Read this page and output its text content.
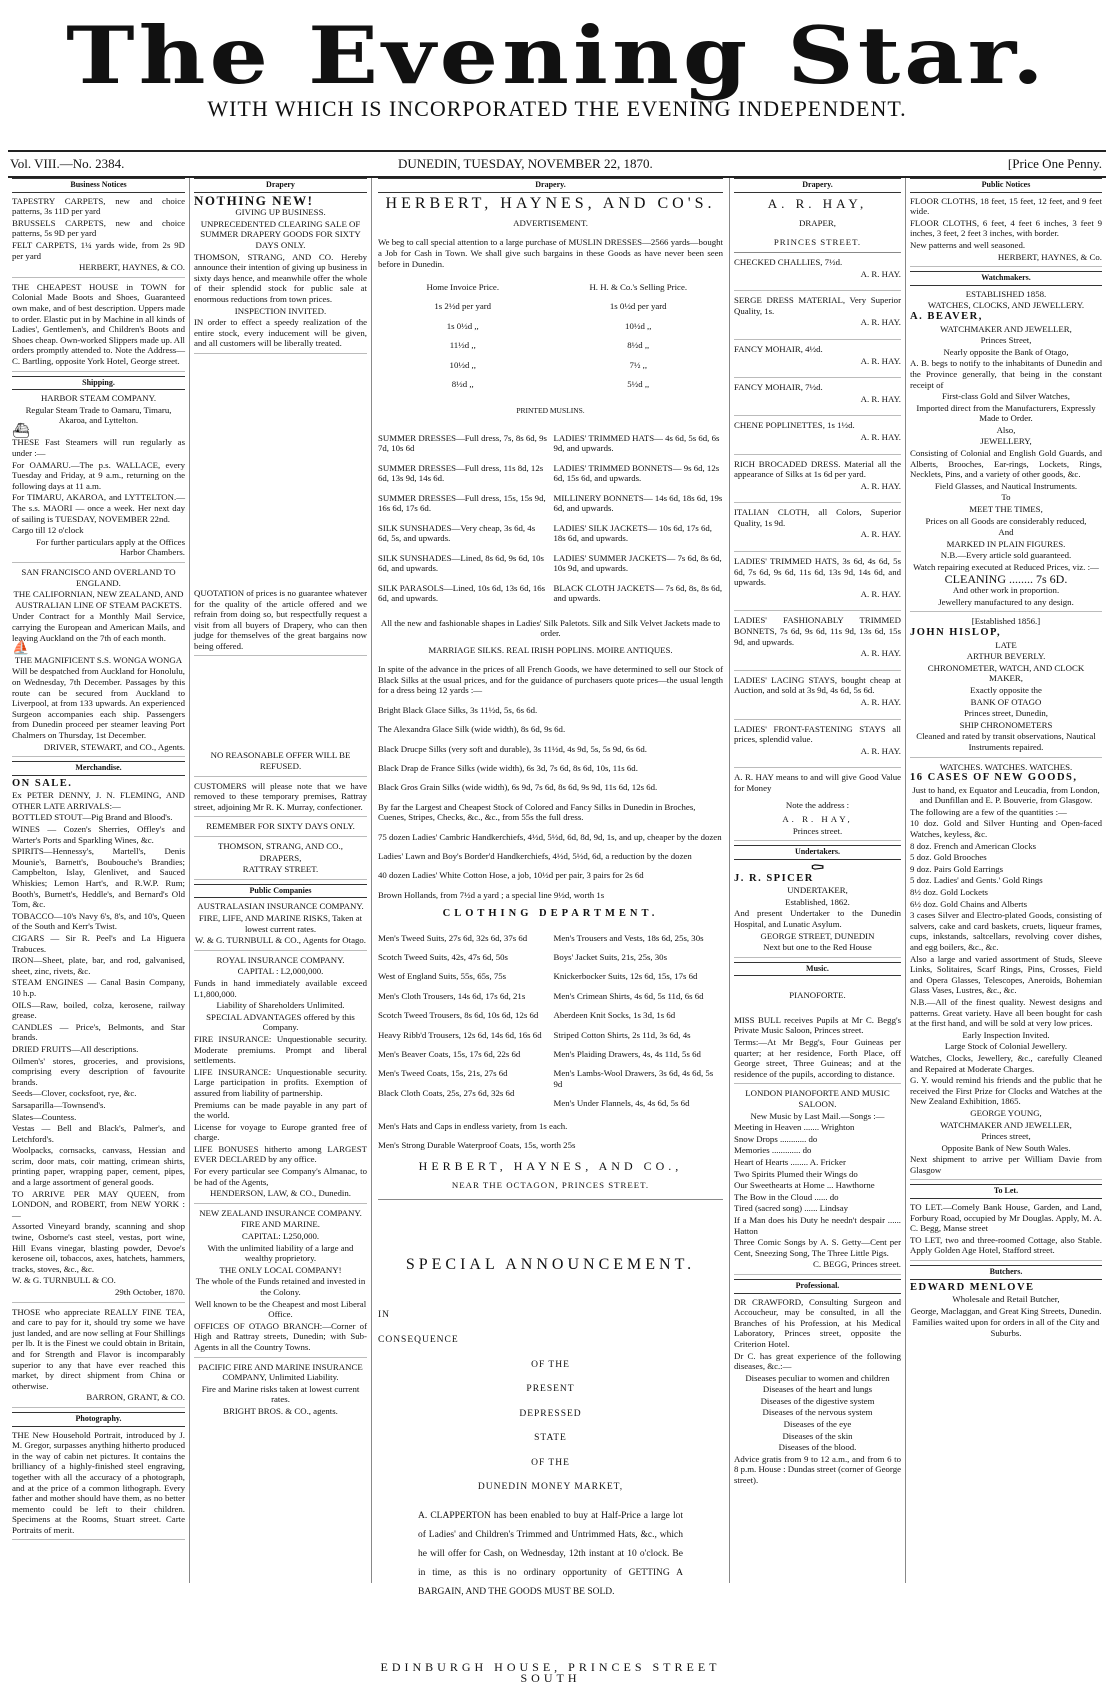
The Evening Star.
WITH WHICH IS INCORPORATED THE EVENING INDEPENDENT.
Vol. VIII.—No. 2384.	DUNEDIN, TUESDAY, NOVEMBER 22, 1870.	[Price One Penny.
Business Notices

TAPESTRY CARPETS, new and choice patterns, 3s 11D per yard

BRUSSELS CARPETS, new and choice patterns, 5s 9D per yard

FELT CARPETS, 1¼ yards wide, from 2s 9D per yard

HERBERT, HAYNES, & CO.

THE CHEAPEST HOUSE in TOWN for Colonial Made Boots and Shoes, Guaranteed own make, and of best description. Uppers made to order. Elastic put in by Machine in all kinds of Ladies', Gentlemen's, and Children's Boots and Shoes cheap. Own-worked Slippers made up. All orders promptly attended to. Note the Address—C. Bartling, opposite York Hotel, George street.

Shipping.

HARBOR STEAM COMPANY.

Regular Steam Trade to Oamaru, Timaru, Akaroa, and Lyttelton.

⛴

THESE Fast Steamers will run regularly as under :—

For OAMARU.—The p.s. WALLACE, every Tuesday and Friday, at 9 a.m., returning on the following days at 11 a.m.

For TIMARU, AKAROA, and LYTTELTON.—The s.s. MAORI — once a week. Her next day of sailing is TUESDAY, NOVEMBER 22nd.

Cargo till 12 o'clock

For further particulars apply at the Offices Harbor Chambers.

SAN FRANCISCO AND OVERLAND TO ENGLAND.

THE CALIFORNIAN, NEW ZEALAND, AND AUSTRALIAN LINE OF STEAM PACKETS.

Under Contract for a Monthly Mail Service, carrying the European and American Mails, and leaving Auckland on the 7th of each month.

⛵

THE MAGNIFICENT S.S. WONGA WONGA

Will be despatched from Auckland for Honolulu, on Wednesday, 7th December. Passages by this route can be secured from Auckland to Liverpool, at from 133 upwards. An experienced Surgeon accompanies each ship. Passengers from Dunedin proceed per steamer leaving Port Chalmers on Thursday, 1st December.

DRIVER, STEWART, and CO., Agents.

Merchandise.

ON SALE.

Ex PETER DENNY, J. N. FLEMING, AND OTHER LATE ARRIVALS:—

BOTTLED STOUT—Pig Brand and Blood's.

WINES — Cozen's Sherries, Offley's and Warter's Ports and Sparkling Wines, &c.

SPIRITS—Hennessy's, Martell's, Denis Mounie's, Barnett's, Boubouche's Brandies; Campbelton, Islay, Glenlivet, and Sauced Whiskies; Lemon Hart's, and R.W.P. Rum; Booth's, Burnett's, Heddle's, and Bernard's Old Tom, &c.

TOBACCO—10's Navy 6's, 8's, and 10's, Queen of the South and Kerr's Twist.

CIGARS — Sir R. Peel's and La Higuera Trabuces.

IRON—Sheet, plate, bar, and rod, galvanised, sheet, zinc, rivets, &c.

STEAM ENGINES — Canal Basin Company, 10 h.p.

OILS—Raw, boiled, colza, kerosene, railway grease.

CANDLES — Price's, Belmonts, and Star brands.

DRIED FRUITS—All descriptions.

Oilmen's' stores, groceries, and provisions, comprising every description of favourite brands.

Seeds—Clover, cocksfoot, rye, &c.

Sarsaparilla—Townsend's.

Slates—Countess.

Vestas — Bell and Black's, Palmer's, and Letchford's.

Woolpacks, cornsacks, canvass, Hessian and scrim, door mats, coir matting, crimean shirts, printing paper, wrapping paper, cement, pipes, and a large assortment of general goods.

TO ARRIVE PER MAY QUEEN, from LONDON, and ROBERT, from NEW YORK :—

Assorted Vineyard brandy, scanning and shop twine, Osborne's cast steel, vestas, port wine, Hill Evans vinegar, blasting powder, Devoe's kerosene oil, tobaccos, axes, hatchets, hammers, tracks, stoves, &c., &c.

W. & G. TURNBULL & CO.

29th October, 1870.

THOSE who appreciate REALLY FINE TEA, and care to pay for it, should try some we have just landed, and are now selling at Four Shillings per lb. It is the Finest we could obtain in Britain, and for Strength and Flavor is incomparably superior to any that have ever reached this market, by direct shipment from China or otherwise.

BARRON, GRANT, & CO.

Photography.

THE New Household Portrait, introduced by J. M. Gregor, surpasses anything hitherto produced in the way of cabin net pictures. It contains the brilliancy of a highly-finished steel engraving, together with all the accuracy of a photograph, and at the price of a common lithograph. Every father and mother should have them, as no better memento could be left to their children. Specimens at the Rooms, Stuart street. Carte Portraits of merit.

Drapery

NOTHING NEW!

GIVING UP BUSINESS.

UNPRECEDENTED CLEARING SALE OF SUMMER DRAPERY GOODS FOR SIXTY DAYS ONLY.

THOMSON, STRANG, AND CO. Hereby announce their intention of giving up business in sixty days hence, and meanwhile offer the whole of their splendid stock for public sale at enormous reductions from town prices.

INSPECTION INVITED.

IN order to effect a speedy realization of the entire stock, every inducement will be given, and all customers will be liberally treated.

QUOTATION of prices is no guarantee whatever for the quality of the article offered and we refrain from doing so, but respectfully request a visit from all buyers of Drapery, who can then judge for themselves of the great bargains now being offered.

NO REASONABLE OFFER WILL BE REFUSED.

CUSTOMERS will please note that we have removed to these temporary premises, Rattray street, adjoining Mr R. K. Murray, confectioner.

REMEMBER FOR SIXTY DAYS ONLY.

THOMSON, STRANG, AND CO.,

DRAPERS,

RATTRAY STREET.

Public Companies

AUSTRALASIAN INSURANCE COMPANY.

FIRE, LIFE, AND MARINE RISKS, Taken at lowest current rates.

W. & G. TURNBULL & CO., Agents for Otago.

ROYAL INSURANCE COMPANY.

CAPITAL : L2,000,000.

Funds in hand immediately available exceed L1,800,000.

Liability of Shareholders Unlimited.

SPECIAL ADVANTAGES offered by this Company.

FIRE INSURANCE: Unquestionable security. Moderate premiums. Prompt and liberal settlements.

LIFE INSURANCE: Unquestionable security. Large participation in profits. Exemption of assured from liability of partnership.

Premiums can be made payable in any part of the world.

License for voyage to Europe granted free of charge.

LIFE BONUSES hitherto among LARGEST EVER DECLARED by any office.

For every particular see Company's Almanac, to be had of the Agents,

HENDERSON, LAW, & CO., Dunedin.

NEW ZEALAND INSURANCE COMPANY.

FIRE AND MARINE.

CAPITAL: L250,000.

With the unlimited liability of a large and wealthy proprietory.

THE ONLY LOCAL COMPANY!

The whole of the Funds retained and invested in the Colony.

Well known to be the Cheapest and most Liberal Office.

OFFICES OF OTAGO BRANCH:—Corner of High and Rattray streets, Dunedin; with Sub-Agents in all the Country Towns.

PACIFIC FIRE AND MARINE INSURANCE COMPANY, Unlimited Liability.

Fire and Marine risks taken at lowest current rates.

BRIGHT BROS. & CO., agents.

Drapery.

HERBERT, HAYNES, AND CO'S.

ADVERTISEMENT.

We beg to call special attention to a large purchase of MUSLIN DRESSES—2566 yards—bought a Job for Cash in Town. We shall give such bargains in these Goods as have never been seen before in Dunedin.

Home Invoice Price.

1s 2½d per yard

1s 0½d ,,

11½d ,,

10½d ,,

8½d ,,

H. H. & Co.'s Selling Price.

1s 0½d per yard

10½d ,,

8½d ,,

7½ ,,

5½d ,,

PRINTED MUSLINS.

SUMMER DRESSES—Full dress, 7s, 8s 6d, 9s 7d, 10s 6d

SUMMER DRESSES—Full dress, 11s 8d, 12s 6d, 13s 9d, 14s 6d.

SUMMER DRESSES—Full dress, 15s, 15s 9d, 16s 6d, 17s 6d.

SILK SUNSHADES—Very cheap, 3s 6d, 4s 6d, 5s, and upwards.

SILK SUNSHADES—Lined, 8s 6d, 9s 6d, 10s 6d, and upwards.

SILK PARASOLS—Lined, 10s 6d, 13s 6d, 16s 6d, and upwards.

LADIES' TRIMMED HATS— 4s 6d, 5s 6d, 6s 9d, and upwards.

LADIES' TRIMMED BONNETS— 9s 6d, 12s 6d, 15s 6d, and upwards.

MILLINERY BONNETS— 14s 6d, 18s 6d, 19s 6d, and upwards.

LADIES' SILK JACKETS— 10s 6d, 17s 6d, 18s 6d, and upwards.

LADIES' SUMMER JACKETS— 7s 6d, 8s 6d, 10s 9d, and upwards.

BLACK CLOTH JACKETS— 7s 6d, 8s, 8s 6d, and upwards.

All the new and fashionable shapes in Ladies' Silk Paletots. Silk and Silk Velvet Jackets made to order.

MARRIAGE SILKS. REAL IRISH POPLINS. MOIRE ANTIQUES.

In spite of the advance in the prices of all French Goods, we have determined to sell our Stock of Black Silks at the usual prices, and for the guidance of purchasers quote prices—the usual length for a dress being 12 yards :—

Bright Black Glace Silks, 3s 11½d, 5s, 6s 6d.

The Alexandra Glace Silk (wide width), 8s 6d, 9s 6d.

Black Drucpe Silks (very soft and durable), 3s 11½d, 4s 9d, 5s, 5s 9d, 6s 6d.

Black Drap de France Silks (wide width), 6s 3d, 7s 6d, 8s 6d, 10s, 11s 6d.

Black Gros Grain Silks (wide width), 6s 9d, 7s 6d, 8s 6d, 9s 9d, 11s 6d, 12s 6d.

By far the Largest and Cheapest Stock of Colored and Fancy Silks in Dunedin in Broches, Cuenes, Stripes, Checks, &c., &c., from 55s the full dress.

75 dozen Ladies' Cambric Handkerchiefs, 4½d, 5½d, 6d, 8d, 9d, 1s, and up, cheaper by the dozen

Ladies' Lawn and Boy's Border'd Handkerchiefs, 4½d, 5½d, 6d, a reduction by the dozen

40 dozen Ladies' White Cotton Hose, a job, 10½d per pair, 3 pairs for 2s 6d

Brown Hollands, from 7½d a yard ; a special line 9½d, worth 1s

CLOTHING DEPARTMENT.

Men's Tweed Suits, 27s 6d, 32s 6d, 37s 6d

Scotch Tweed Suits, 42s, 47s 6d, 50s

West of England Suits, 55s, 65s, 75s

Men's Cloth Trousers, 14s 6d, 17s 6d, 21s

Scotch Tweed Trousers, 8s 6d, 10s 6d, 12s 6d

Heavy Ribb'd Trousers, 12s 6d, 14s 6d, 16s 6d

Men's Beaver Coats, 15s, 17s 6d, 22s 6d

Men's Tweed Coats, 15s, 21s, 27s 6d

Black Cloth Coats, 25s, 27s 6d, 32s 6d

Men's Trousers and Vests, 18s 6d, 25s, 30s

Boys' Jacket Suits, 21s, 25s, 30s

Knickerbocker Suits, 12s 6d, 15s, 17s 6d

Men's Crimean Shirts, 4s 6d, 5s 11d, 6s 6d

Aberdeen Knit Socks, 1s 3d, 1s 6d

Striped Cotton Shirts, 2s 11d, 3s 6d, 4s

Men's Plaiding Drawers, 4s, 4s 11d, 5s 6d

Men's Lambs-Wool Drawers, 3s 6d, 4s 6d, 5s 9d

Men's Under Flannels, 4s, 4s 6d, 5s 6d

Men's Hats and Caps in endless variety, from 1s each.

Men's Strong Durable Waterproof Coats, 15s, worth 25s

HERBERT, HAYNES, AND CO.,

NEAR THE OCTAGON, PRINCES STREET.

SPECIAL ANNOUNCEMENT.

IN

CONSEQUENCE

OF THE

PRESENT

DEPRESSED

STATE

OF THE

DUNEDIN MONEY MARKET,

A. CLAPPERTON has been enabled to buy at Half-Price a large lot of Ladies' and Children's Trimmed and Untrimmed Hats, &c., which he will offer for Cash, on Wednesday, 12th instant at 10 o'clock. Be in time, as this is no ordinary opportunity of GETTING A BARGAIN, AND THE GOODS MUST BE SOLD.

EDINBURGH HOUSE, PRINCES STREET SOUTH

Drapery.

A. R. HAY,

DRAPER,

PRINCES STREET.

CHECKED CHALLIES, 7½d.

A. R. HAY.

SERGE DRESS MATERIAL, Very Superior Quality, 1s.

A. R. HAY.

FANCY MOHAIR, 4½d.

A. R. HAY.

FANCY MOHAIR, 7½d.

A. R. HAY.

CHENE POPLINETTES, 1s 1½d.

A. R. HAY.

RICH BROCADED DRESS. Material all the appearance of Silks at 1s 6d per yard.

A. R. HAY.

ITALIAN CLOTH, all Colors, Superior Quality, 1s 9d.

A. R. HAY.

LADIES' TRIMMED HATS, 3s 6d, 4s 6d, 5s 6d, 7s 6d, 9s 6d, 11s 6d, 13s 9d, 14s 6d, and upwards.

A. R. HAY.

LADIES' FASHIONABLY TRIMMED BONNETS, 7s 6d, 9s 6d, 11s 9d, 13s 6d, 15s 9d, and upwards.

A. R. HAY.

LADIES' LACING STAYS, bought cheap at Auction, and sold at 3s 9d, 4s 6d, 5s 6d.

A. R. HAY.

LADIES' FRONT-FASTENING STAYS all prices, splendid value.

A. R. HAY.

A. R. HAY means to and will give Good Value for Money

Note the address :

A. R. HAY,

Princes street.

Undertakers.
⚰

J. R. SPICER

UNDERTAKER,

Established, 1862.

And present Undertaker to the Dunedin Hospital, and Lunatic Asylum.

GEORGE STREET, DUNEDIN

Next but one to the Red House

Music.

PIANOFORTE.

MISS BULL receives Pupils at Mr C. Begg's Private Music Saloon, Princes street.

Terms:—At Mr Begg's, Four Guineas per quarter; at her residence, Forth Place, off George street, Three Guineas; and at the residence of the pupils, according to distance.

LONDON PIANOFORTE AND MUSIC SALOON.

New Music by Last Mail.—Songs :—

Meeting in Heaven ....... Wrighton

Snow Drops ............ do

Memories ............. do

Heart of Hearts ........ A. Fricker

Two Spirits Plumed their Wings do

Our Sweethearts at Home ... Hawthorne

The Bow in the Cloud ...... do

Tired (sacred song) ...... Lindsay

If a Man does his Duty he needn't despair ...... Hatton

Three Comic Songs by A. S. Getty—Cent per Cent, Sneezing Song, The Three Little Pigs.

C. BEGG, Princes street.

Professional.

DR CRAWFORD, Consulting Surgeon and Accoucheur, may be consulted, in all the Branches of his Profession, at his Medical Laboratory, Princes street, opposite the Criterion Hotel.

Dr C. has great experience of the following diseases, &c.:—

Diseases peculiar to women and children

Diseases of the heart and lungs

Diseases of the digestive system

Diseases of the nervous system

Diseases of the eye

Diseases of the skin

Diseases of the blood.

Advice gratis from 9 to 12 a.m., and from 6 to 8 p.m. House : Dundas street (corner of George street).

Public Notices

FLOOR CLOTHS, 18 feet, 15 feet, 12 feet, and 9 feet wide.

FLOOR CLOTHS, 6 feet, 4 feet 6 inches, 3 feet 9 inches, 3 feet, 2 feet 3 inches, with border.

New patterns and well seasoned.

HERBERT, HAYNES, & Co.

Watchmakers.

ESTABLISHED 1858.

WATCHES, CLOCKS, AND JEWELLERY.

A. BEAVER,

WATCHMAKER AND JEWELLER,

Princes Street,

Nearly opposite the Bank of Otago,

A. B. begs to notify to the inhabitants of Dunedin and the Province generally, that being in the constant receipt of

First-class Gold and Silver Watches,

Imported direct from the Manufacturers, Expressly Made to Order.

Also,

JEWELLERY,

Consisting of Colonial and English Gold Guards, and Alberts, Brooches, Ear-rings, Lockets, Rings, Necklets, Pins, and a variety of other goods, &c.

Field Glasses, and Nautical Instruments.

To

MEET THE TIMES,

Prices on all Goods are considerably reduced,

And

MARKED IN PLAIN FIGURES.

N.B.—Every article sold guaranteed.

Watch repairing executed at Reduced Prices, viz. :—

CLEANING ........ 7s 6D.

And other work in proportion.

Jewellery manufactured to any design.

[Established 1856.]

JOHN HISLOP,

LATE

ARTHUR BEVERLY.

CHRONOMETER, WATCH, AND CLOCK MAKER,

Exactly opposite the

BANK OF OTAGO

Princes street, Dunedin,

SHIP CHRONOMETERS

Cleaned and rated by transit observations, Nautical Instruments repaired.

WATCHES. WATCHES. WATCHES.

16 CASES OF NEW GOODS,

Just to hand, ex Equator and Leucadia, from London, and Dunfillan and E. P. Bouverie, from Glasgow.

The following are a few of the quantities :—

10 doz. Gold and Silver Hunting and Open-faced Watches, keyless, &c.

8 doz. French and American Clocks

5 doz. Gold Brooches

9 doz. Pairs Gold Earrings

5 doz. Ladies' and Gents.' Gold Rings

8½ doz. Gold Lockets

6½ doz. Gold Chains and Alberts

3 cases Silver and Electro-plated Goods, consisting of salvers, cake and card baskets, cruets, liqueur frames, cups, inkstands, saltcellars, revolving cover dishes, and egg boilers, &c., &c.

Also a large and varied assortment of Studs, Sleeve Links, Solitaires, Scarf Rings, Pins, Crosses, Field and Opera Glasses, Telescopes, Aneroids, Bohemian Glass Vases, Lustres, &c., &c.

N.B.—All of the finest quality. Newest designs and patterns. Great variety. Have all been bought for cash at the first hand, and will be sold at very low prices.

Early Inspection Invited.

Large Stock of Colonial Jewellery.

Watches, Clocks, Jewellery, &c., carefully Cleaned and Repaired at Moderate Charges.

G. Y. would remind his friends and the public that he received the First Prize for Clocks and Watches at the New Zealand Exhibition, 1865.

GEORGE YOUNG,

WATCHMAKER AND JEWELLER,

Princes street,

Opposite Bank of New South Wales.

Next shipment to arrive per William Davie from Glasgow

To Let.

TO LET.—Comely Bank House, Garden, and Land, Forbury Road, occupied by Mr Douglas. Apply, M. A. C. Begg, Manse street

TO LET, two and three-roomed Cottage, also Stable. Apply Golden Age Hotel, Stafford street.

Butchers.

EDWARD MENLOVE

Wholesale and Retail Butcher,

George, Maclaggan, and Great King Streets, Dunedin.

Families waited upon for orders in all of the City and Suburbs.
